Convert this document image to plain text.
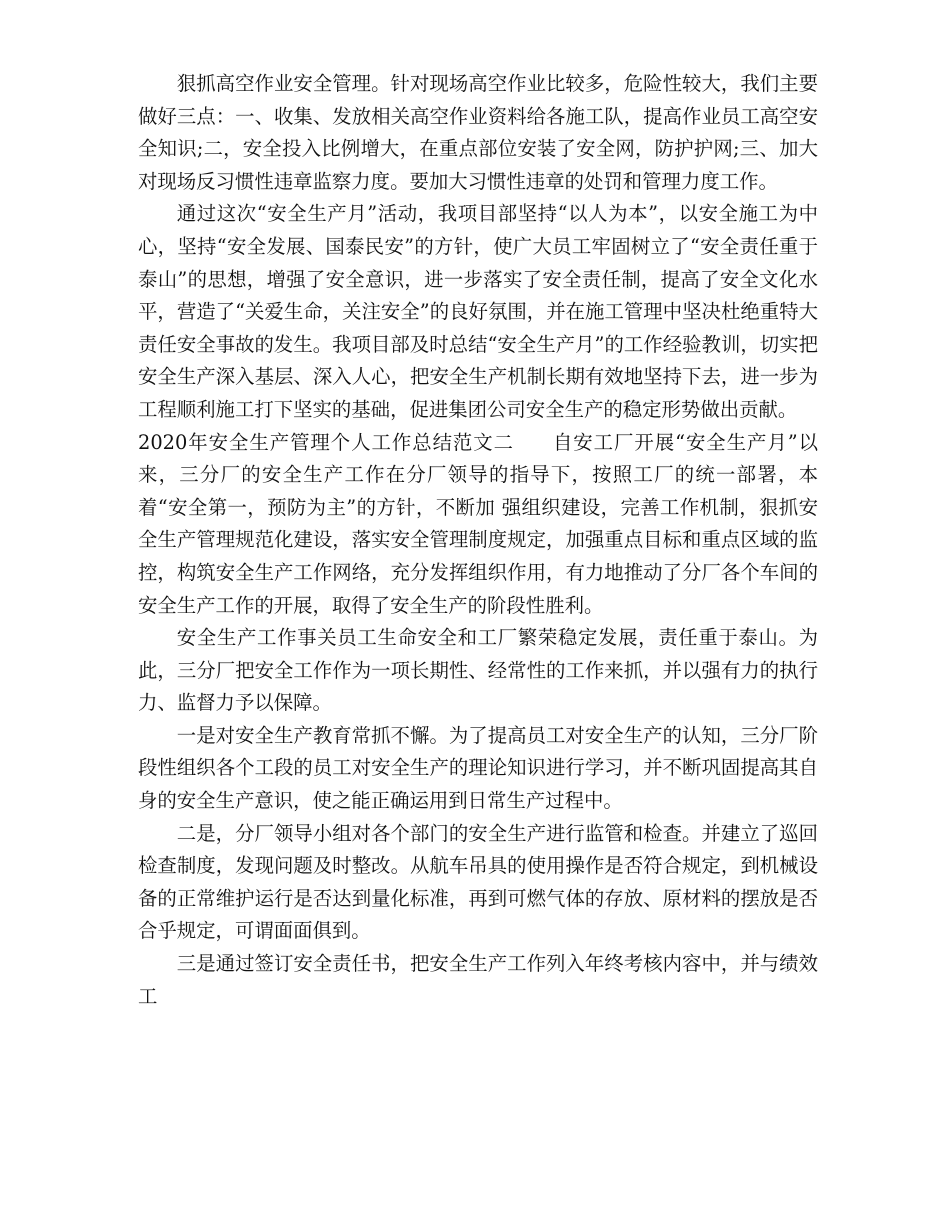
狠抓高空作业安全管理。针对现场高空作业比较多，危险性较大，我们主要做好三点：一、收集、发放相关高空作业资料给各施工队，提高作业员工高空安全知识;二，安全投入比例增大，在重点部位安装了安全网，防护护网;三、加大对现场反习惯性违章监察力度。要加大习惯性违章的处罚和管理力度工作。

通过这次“安全生产月”活动，我项目部坚持“以人为本”，以安全施工为中心，坚持“安全发展、国泰民安”的方针，使广大员工牢固树立了“安全责任重于泰山”的思想，增强了安全意识，进一步落实了安全责任制，提高了安全文化水平，营造了“关爱生命，关注安全”的良好氛围，并在施工管理中坚决杜绝重特大责任安全事故的发生。我项目部及时总结“安全生产月”的工作经验教训，切实把安全生产深入基层、深入人心，把安全生产机制长期有效地坚持下去，进一步为工程顺利施工打下坚实的基础，促进集团公司安全生产的稳定形势做出贡献。

2020年安全生产管理个人工作总结范文二 自安工厂开展“安全生产月”以来，三分厂的安全生产工作在分厂领导的指导下，按照工厂的统一部署，本着“安全第一，预防为主”的方针，不断加 强组织建设，完善工作机制，狠抓安全生产管理规范化建设，落实安全管理制度规定，加强重点目标和重点区域的监控，构筑安全生产工作网络，充分发挥组织作用，有力地推动了分厂各个车间的安全生产工作的开展，取得了安全生产的阶段性胜利。

安全生产工作事关员工生命安全和工厂繁荣稳定发展，责任重于泰山。为此，三分厂把安全工作作为一项长期性、经常性的工作来抓，并以强有力的执行力、监督力予以保障。

一是对安全生产教育常抓不懈。为了提高员工对安全生产的认知，三分厂阶段性组织各个工段的员工对安全生产的理论知识进行学习，并不断巩固提高其自身的安全生产意识，使之能正确运用到日常生产过程中。

二是，分厂领导小组对各个部门的安全生产进行监管和检查。并建立了巡回检查制度，发现问题及时整改。从航车吊具的使用操作是否符合规定，到机械设备的正常维护运行是否达到量化标准，再到可燃气体的存放、原材料的摆放是否合乎规定，可谓面面俱到。

三是通过签订安全责任书，把安全生产工作列入年终考核内容中，并与绩效工
